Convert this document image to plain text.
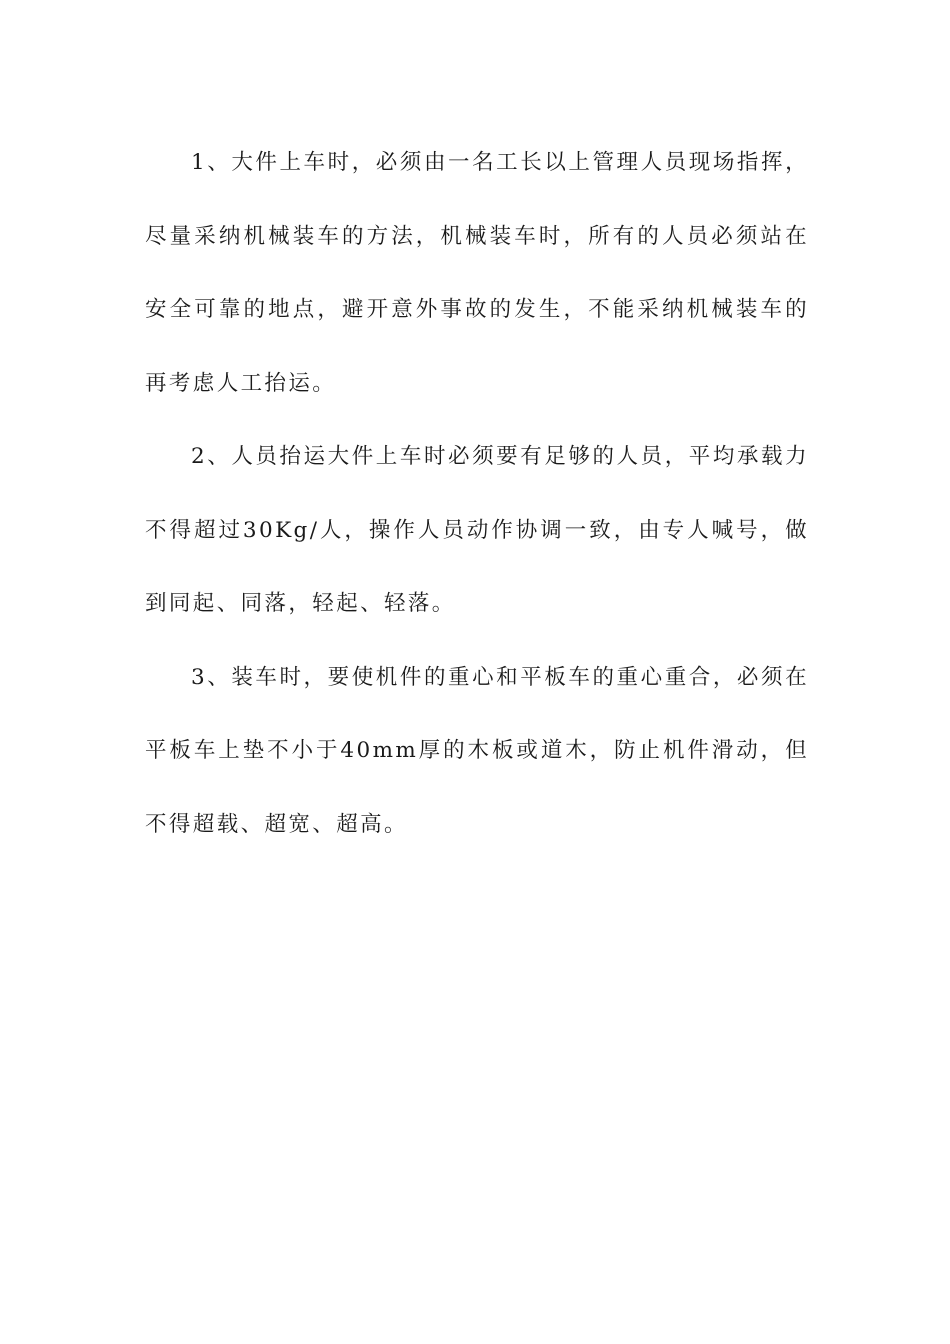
1、大件上车时，必须由一名工长以上管理人员现场指挥，尽量采纳机械装车的方法，机械装车时，所有的人员必须站在安全可靠的地点，避开意外事故的发生，不能采纳机械装车的再考虑人工抬运。

2、人员抬运大件上车时必须要有足够的人员，平均承载力不得超过30Kg/人，操作人员动作协调一致，由专人喊号，做到同起、同落，轻起、轻落。

3、装车时，要使机件的重心和平板车的重心重合，必须在平板车上垫不小于40mm厚的木板或道木，防止机件滑动，但不得超载、超宽、超高。
